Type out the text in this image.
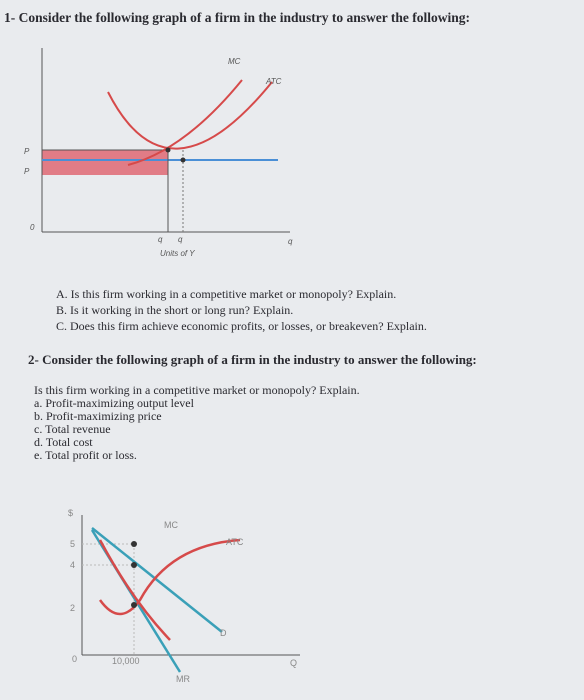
1- Consider the following graph of a firm in the industry to answer the following:
MC
ATC
P
P
0
q q	q
Units of Y
A. Is this firm working in a competitive market or monopoly? Explain.
B. Is it working in the short or long run? Explain.
C. Does this firm achieve economic profits, or losses, or breakeven? Explain.
2- Consider the following graph of a firm in the industry to answer the following:
Is this firm working in a competitive market or monopoly? Explain.
a. Profit-maximizing output level
b. Profit-maximizing price
c. Total revenue
d. Total cost
e. Total profit or loss.
$
5
4
2
0	10,000
MC
ATC
D
MR
Q
